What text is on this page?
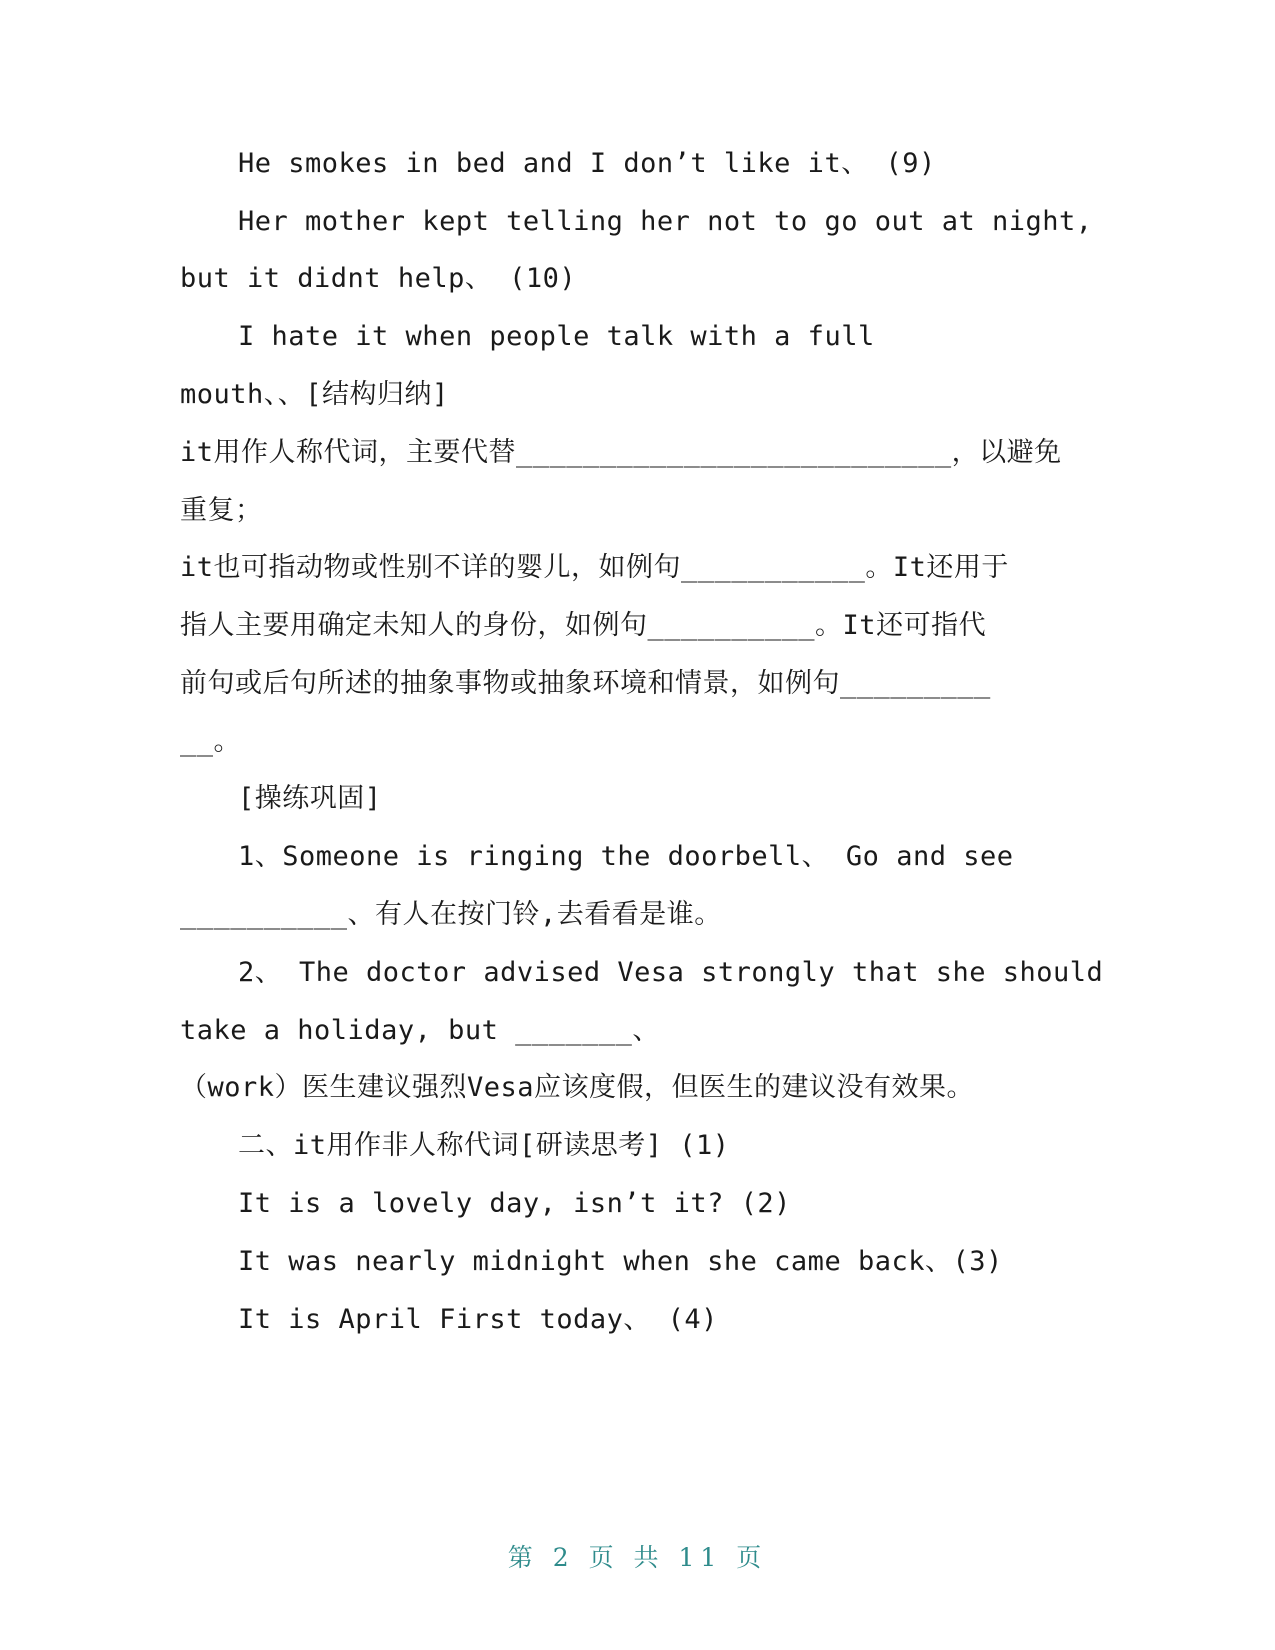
He smokes in bed and I don’t like it、 (9)
Her mother kept telling her not to go out at night,
but it didnt help、 (10)
I hate it when people talk with a full
mouth、、[结构归纳]
it用作人称代词，主要代替__________________________，以避免
重复；
it也可指动物或性别不详的婴儿，如例句___________。It还用于
指人主要用确定未知人的身份，如例句__________。It还可指代
前句或后句所述的抽象事物或抽象环境和情景，如例句_________
__。
[操练巩固]
1、Someone is ringing the doorbell、 Go and see
__________、有人在按门铃,去看看是谁。
2、 The doctor advised Vesa strongly that she should
take a holiday, but _______、
（work）医生建议强烈Vesa应该度假，但医生的建议没有效果。
二、it用作非人称代词[研读思考] (1)
It is a lovely day, isn’t it? (2)
It was nearly midnight when she came back、(3)
It is April First today、 (4)
第 2 页 共 11 页
